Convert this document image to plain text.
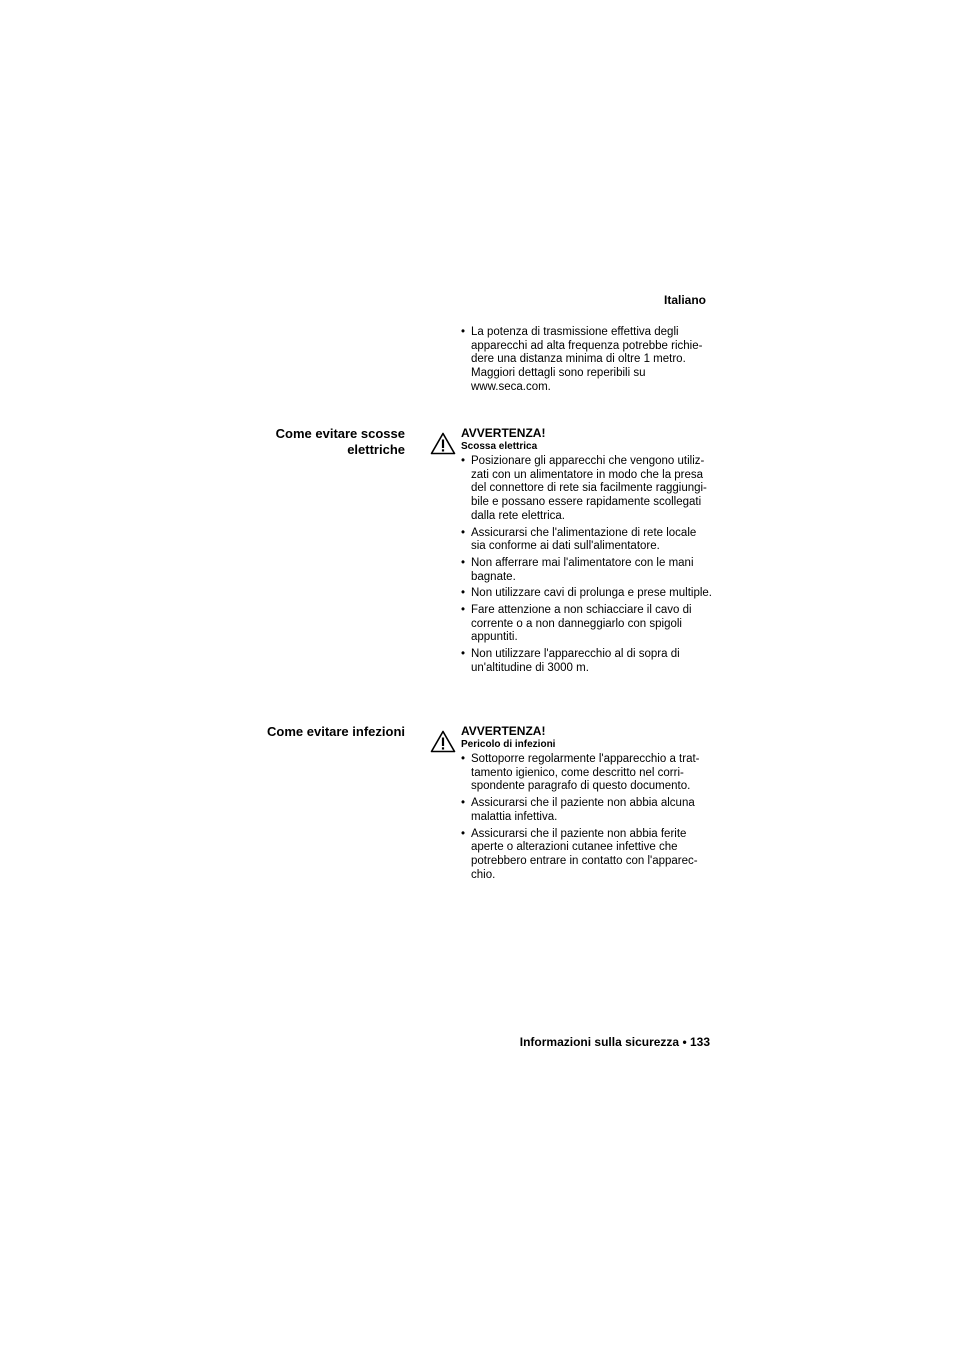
Italiano
• La potenza di trasmissione effettiva degli apparecchi ad alta frequenza potrebbe richie-dere una distanza minima di oltre 1 metro. Maggiori dettagli sono reperibili su www.seca.com.
Come evitare scosse
elettriche
AVVERTENZA!
Scossa elettrica
• Posizionare gli apparecchi che vengono utiliz-zati con un alimentatore in modo che la presa del connettore di rete sia facilmente raggiungi-bile e possano essere rapidamente scollegati dalla rete elettrica.
• Assicurarsi che l'alimentazione di rete locale sia conforme ai dati sull'alimentatore.
• Non afferrare mai l'alimentatore con le mani bagnate.
• Non utilizzare cavi di prolunga e prese multiple.
• Fare attenzione a non schiacciare il cavo di corrente o a non danneggiarlo con spigoli appuntiti.
• Non utilizzare l'apparecchio al di sopra di un'altitudine di 3000 m.
Come evitare infezioni	AVVERTENZA!
Pericolo di infezioni
• Sottoporre regolarmente l'apparecchio a trat-tamento igienico, come descritto nel corri-spondente paragrafo di questo documento.
• Assicurarsi che il paziente non abbia alcuna malattia infettiva.
• Assicurarsi che il paziente non abbia ferite aperte o alterazioni cutanee infettive che potrebbero entrare in contatto con l'apparec-chio.
Informazioni sulla sicurezza • 133
